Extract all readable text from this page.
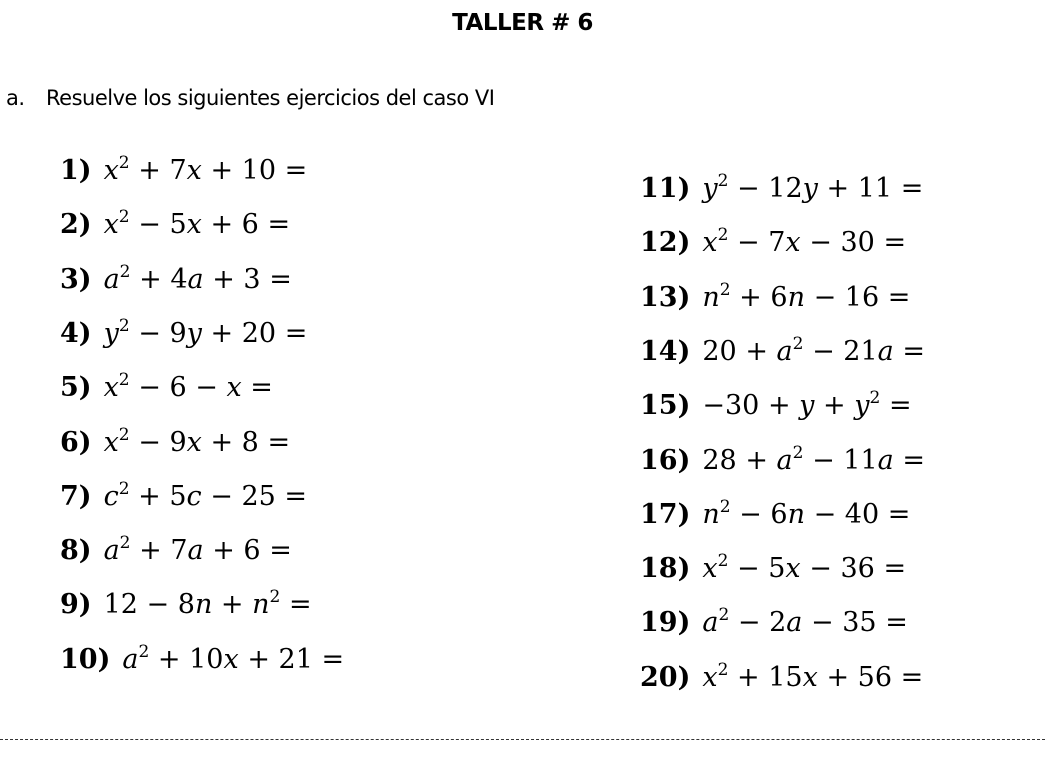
TALLER # 6
a. Resuelve los siguientes ejercicios del caso VI
1) $x^2 + 7x + 10$ =
2) $x^2 - 5x + 6$ =
3) $a^2 + 4a + 3$ =
4) $y^2 - 9y + 20$ =
5) $x^2 - 6 - x$ =
6) $x^2 - 9x + 8$ =
7) $c^2 + 5c - 25$ =
8) $a^2 + 7a + 6$ =
9) $12 - 8n + n^2$ =
10) $a^2 + 10x + 21$ =
11) $y^2 - 12y + 11$ =
12) $x^2 - 7x - 30$ =
13) $n^2 + 6n - 16$ =
14) $20 + a^2 - 21a$ =
$15) -30 + y + y^2$ =
16) $28 + a^2 - 11a$ =
17) $n^2 - 6n - 40$ =
18) $x^2 - 5x - 36$ =
19) $a^2 - 2a - 35$ =
20) $x^2 + 15x + 56$ =
